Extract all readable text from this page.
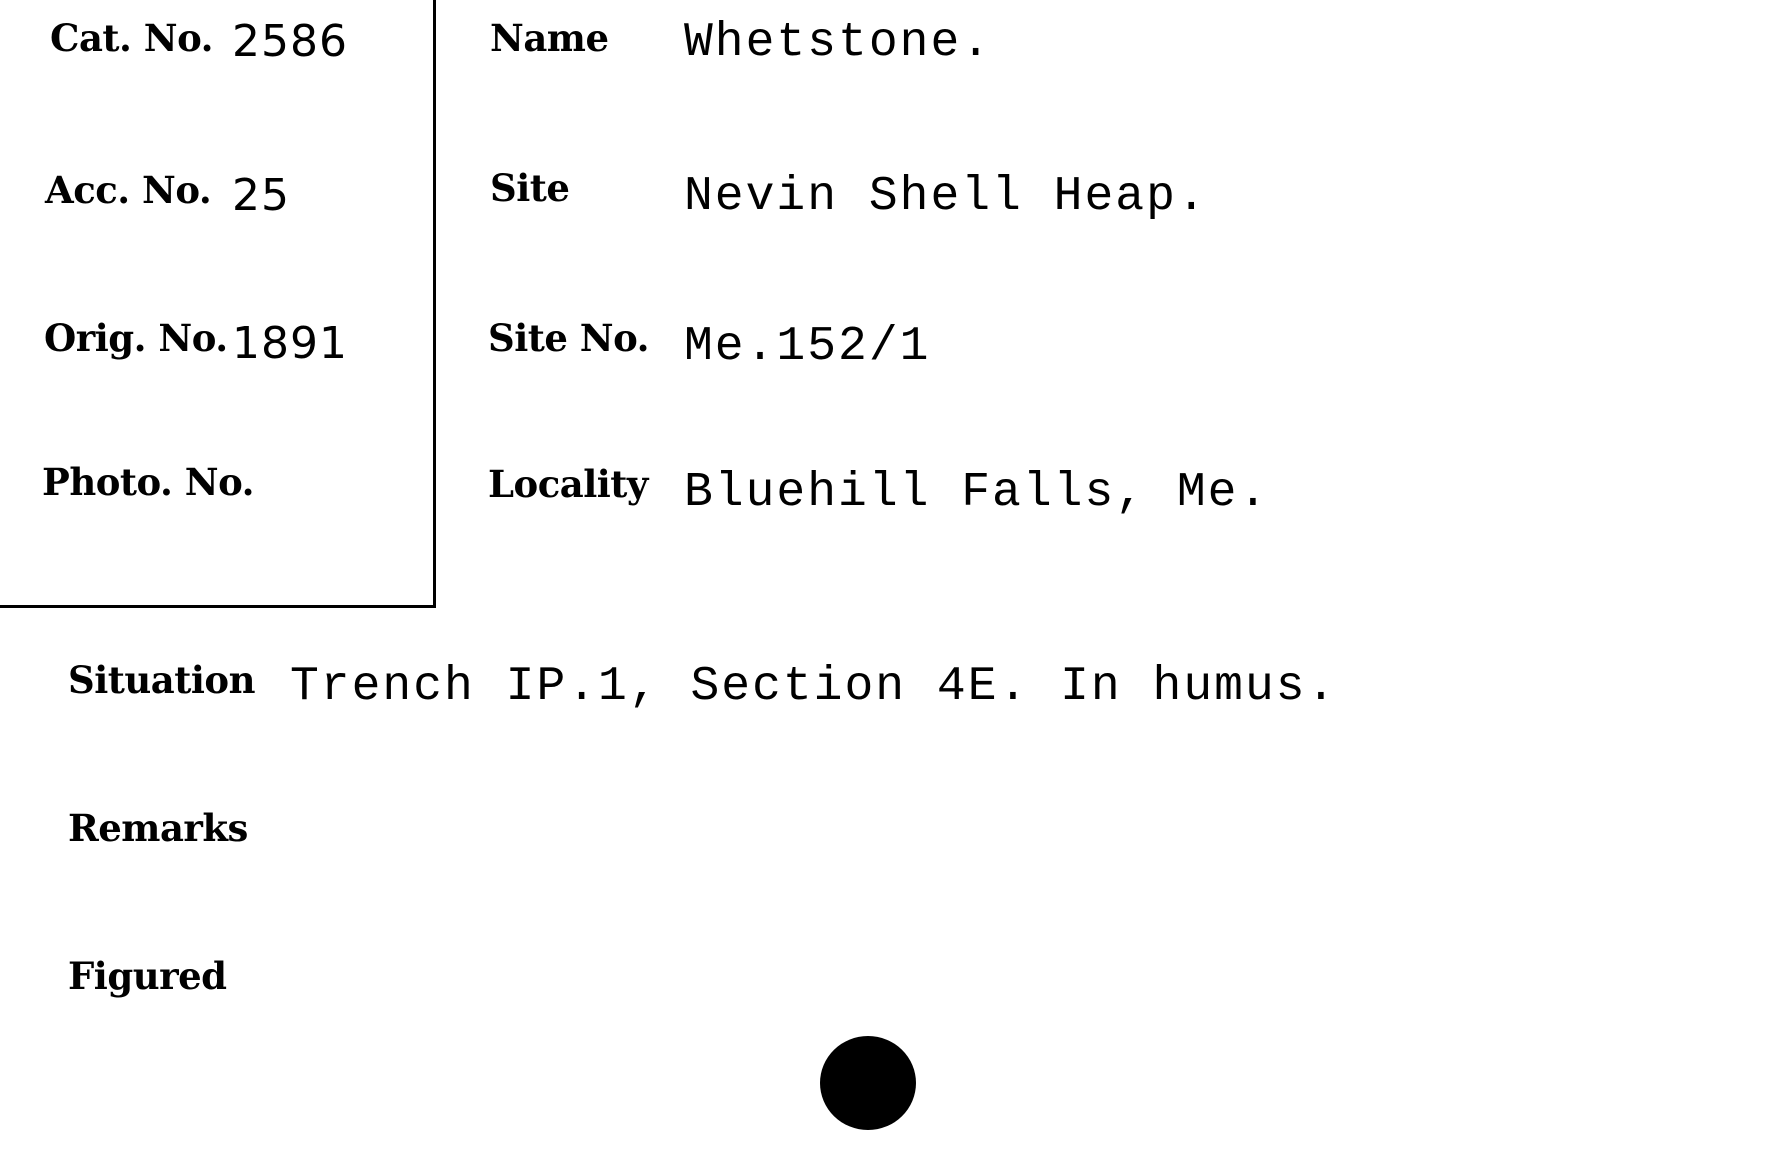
Cat. No. 2586
Acc. No. 25
Orig. No. 1891
Photo. No.
Name Whetstone.
Site Nevin Shell Heap.
Site No. Me.152/1
Locality Bluehill Falls, Me.
Situation Trench IP.1, Section 4E. In humus.
Remarks
Figured
